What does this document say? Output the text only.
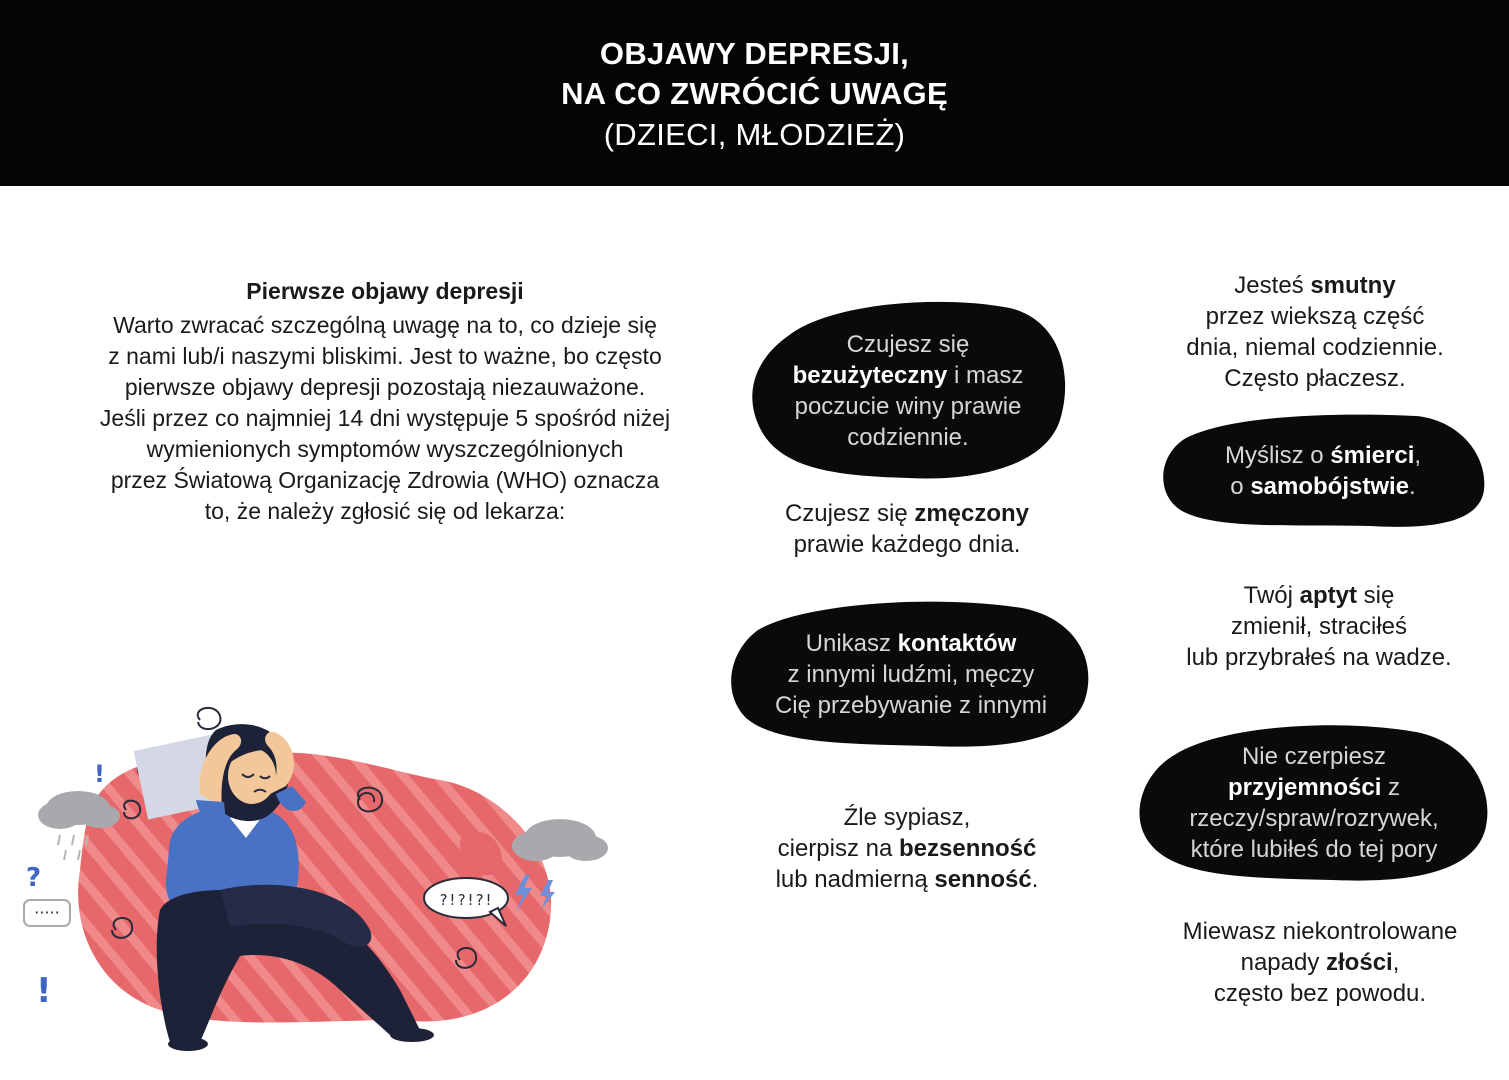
OBJAWY DEPRESJI,
NA CO ZWRÓCIĆ UWAGĘ
(DZIECI, MŁODZIEŻ)
Pierwsze objawy depresji
Warto zwracać szczególną uwagę na to, co dzieje się
z nami lub/i naszymi bliskimi. Jest to ważne, bo często
pierwsze objawy depresji pozostają niezauważone.
Jeśli przez co najmniej 14 dni występuje 5 spośród niżej
wymienionych symptomów wyszczególnionych
przez Światową Organizację Zdrowia (WHO) oznacza
to, że należy zgłosić się od lekarza:
Czujesz się
bezużyteczny i masz
poczucie winy prawie
codziennie.
Czujesz się zmęczony
prawie każdego dnia.
Unikasz kontaktów
z innymi ludźmi, męczy
Cię przebywanie z innymi
Źle sypiasz,
cierpisz na bezsenność
lub nadmierną senność.
Jesteś smutny
przez wiekszą część
dnia, niemal codziennie.
Często płaczesz.
Myślisz o śmierci,
o samobójstwie.
Twój aptyt się
zmienił, straciłeś
lub przybrałeś na wadze.
Nie czerpiesz
przyjemności z
rzeczy/spraw/rozrywek,
które lubiłeś do tej pory
Miewasz niekontrolowane
napady złości,
często bez powodu.
?!?!?!
·····
?
!
!
